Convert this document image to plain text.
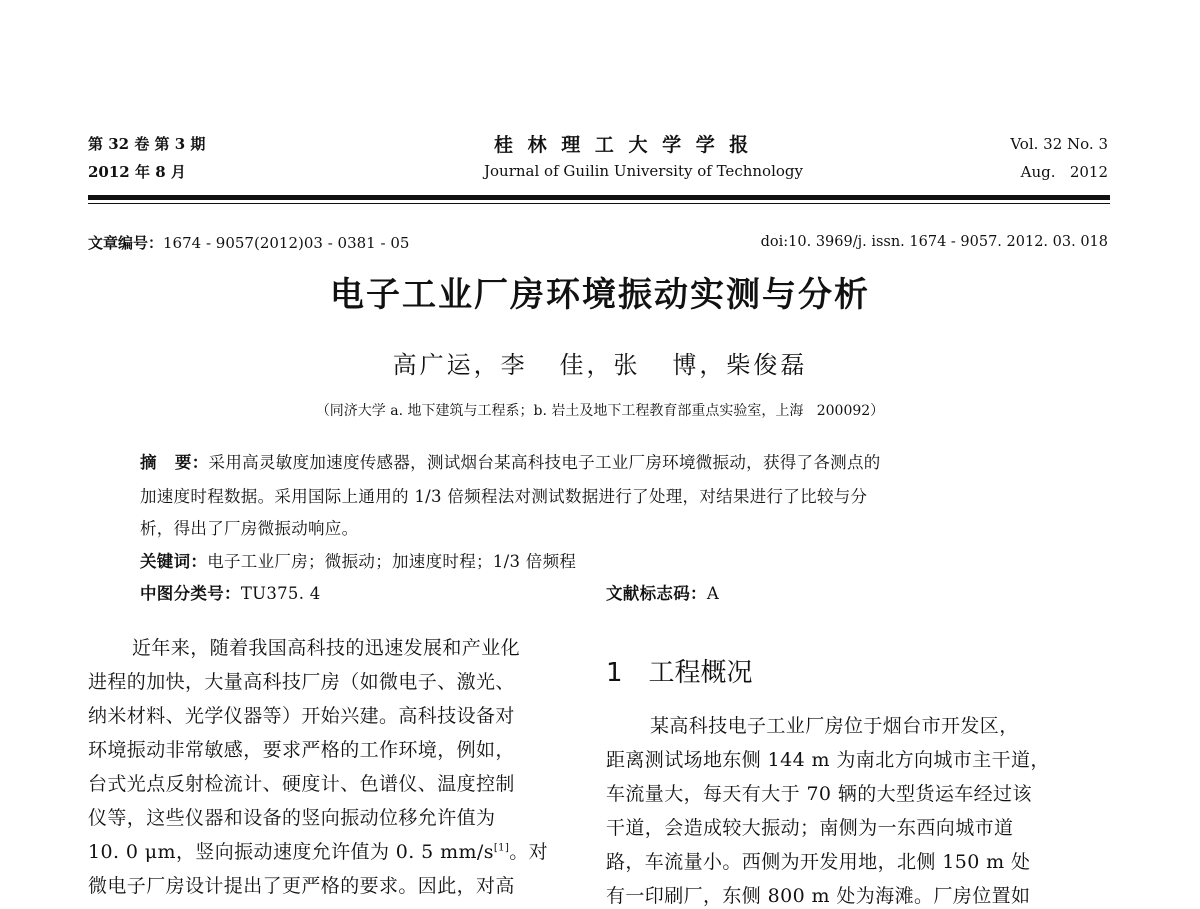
第 32 卷 第 3 期
2012 年 8 月
桂 林 理 工 大 学 学 报
Journal of Guilin University of Technology
Vol. 32 No. 3
Aug.   2012
文章编号：1674 - 9057(2012)03 - 0381 - 05	doi:10. 3969/j. issn. 1674 - 9057. 2012. 03. 018
电子工业厂房环境振动实测与分析
高广运，李   佳，张   博，柴俊磊
（同济大学 a. 地下建筑与工程系；b. 岩土及地下工程教育部重点实验室，上海   200092）
摘   要：采用高灵敏度加速度传感器，测试烟台某高科技电子工业厂房环境微振动，获得了各测点的
加速度时程数据。采用国际上通用的 1/3 倍频程法对测试数据进行了处理，对结果进行了比较与分
析，得出了厂房微振动响应。
关键词：电子工业厂房；微振动；加速度时程；1/3 倍频程
中图分类号：TU375. 4	文献标志码：A
近年来，随着我国高科技的迅速发展和产业化
进程的加快，大量高科技厂房（如微电子、激光、
纳米材料、光学仪器等）开始兴建。高科技设备对
环境振动非常敏感，要求严格的工作环境，例如，
台式光点反射检流计、硬度计、色谱仪、温度控制
仪等，这些仪器和设备的竖向振动位移允许值为
10. 0 μm，竖向振动速度允许值为 0. 5 mm/s[1]。对
微电子厂房设计提出了更严格的要求。因此，对高
1 工程概况
某高科技电子工业厂房位于烟台市开发区，
距离测试场地东侧 144 m 为南北方向城市主干道，
车流量大，每天有大于 70 辆的大型货运车经过该
干道，会造成较大振动；南侧为一东西向城市道
路，车流量小。西侧为开发用地，北侧 150 m 处
有一印刷厂，东侧 800 m 处为海滩。厂房位置如
